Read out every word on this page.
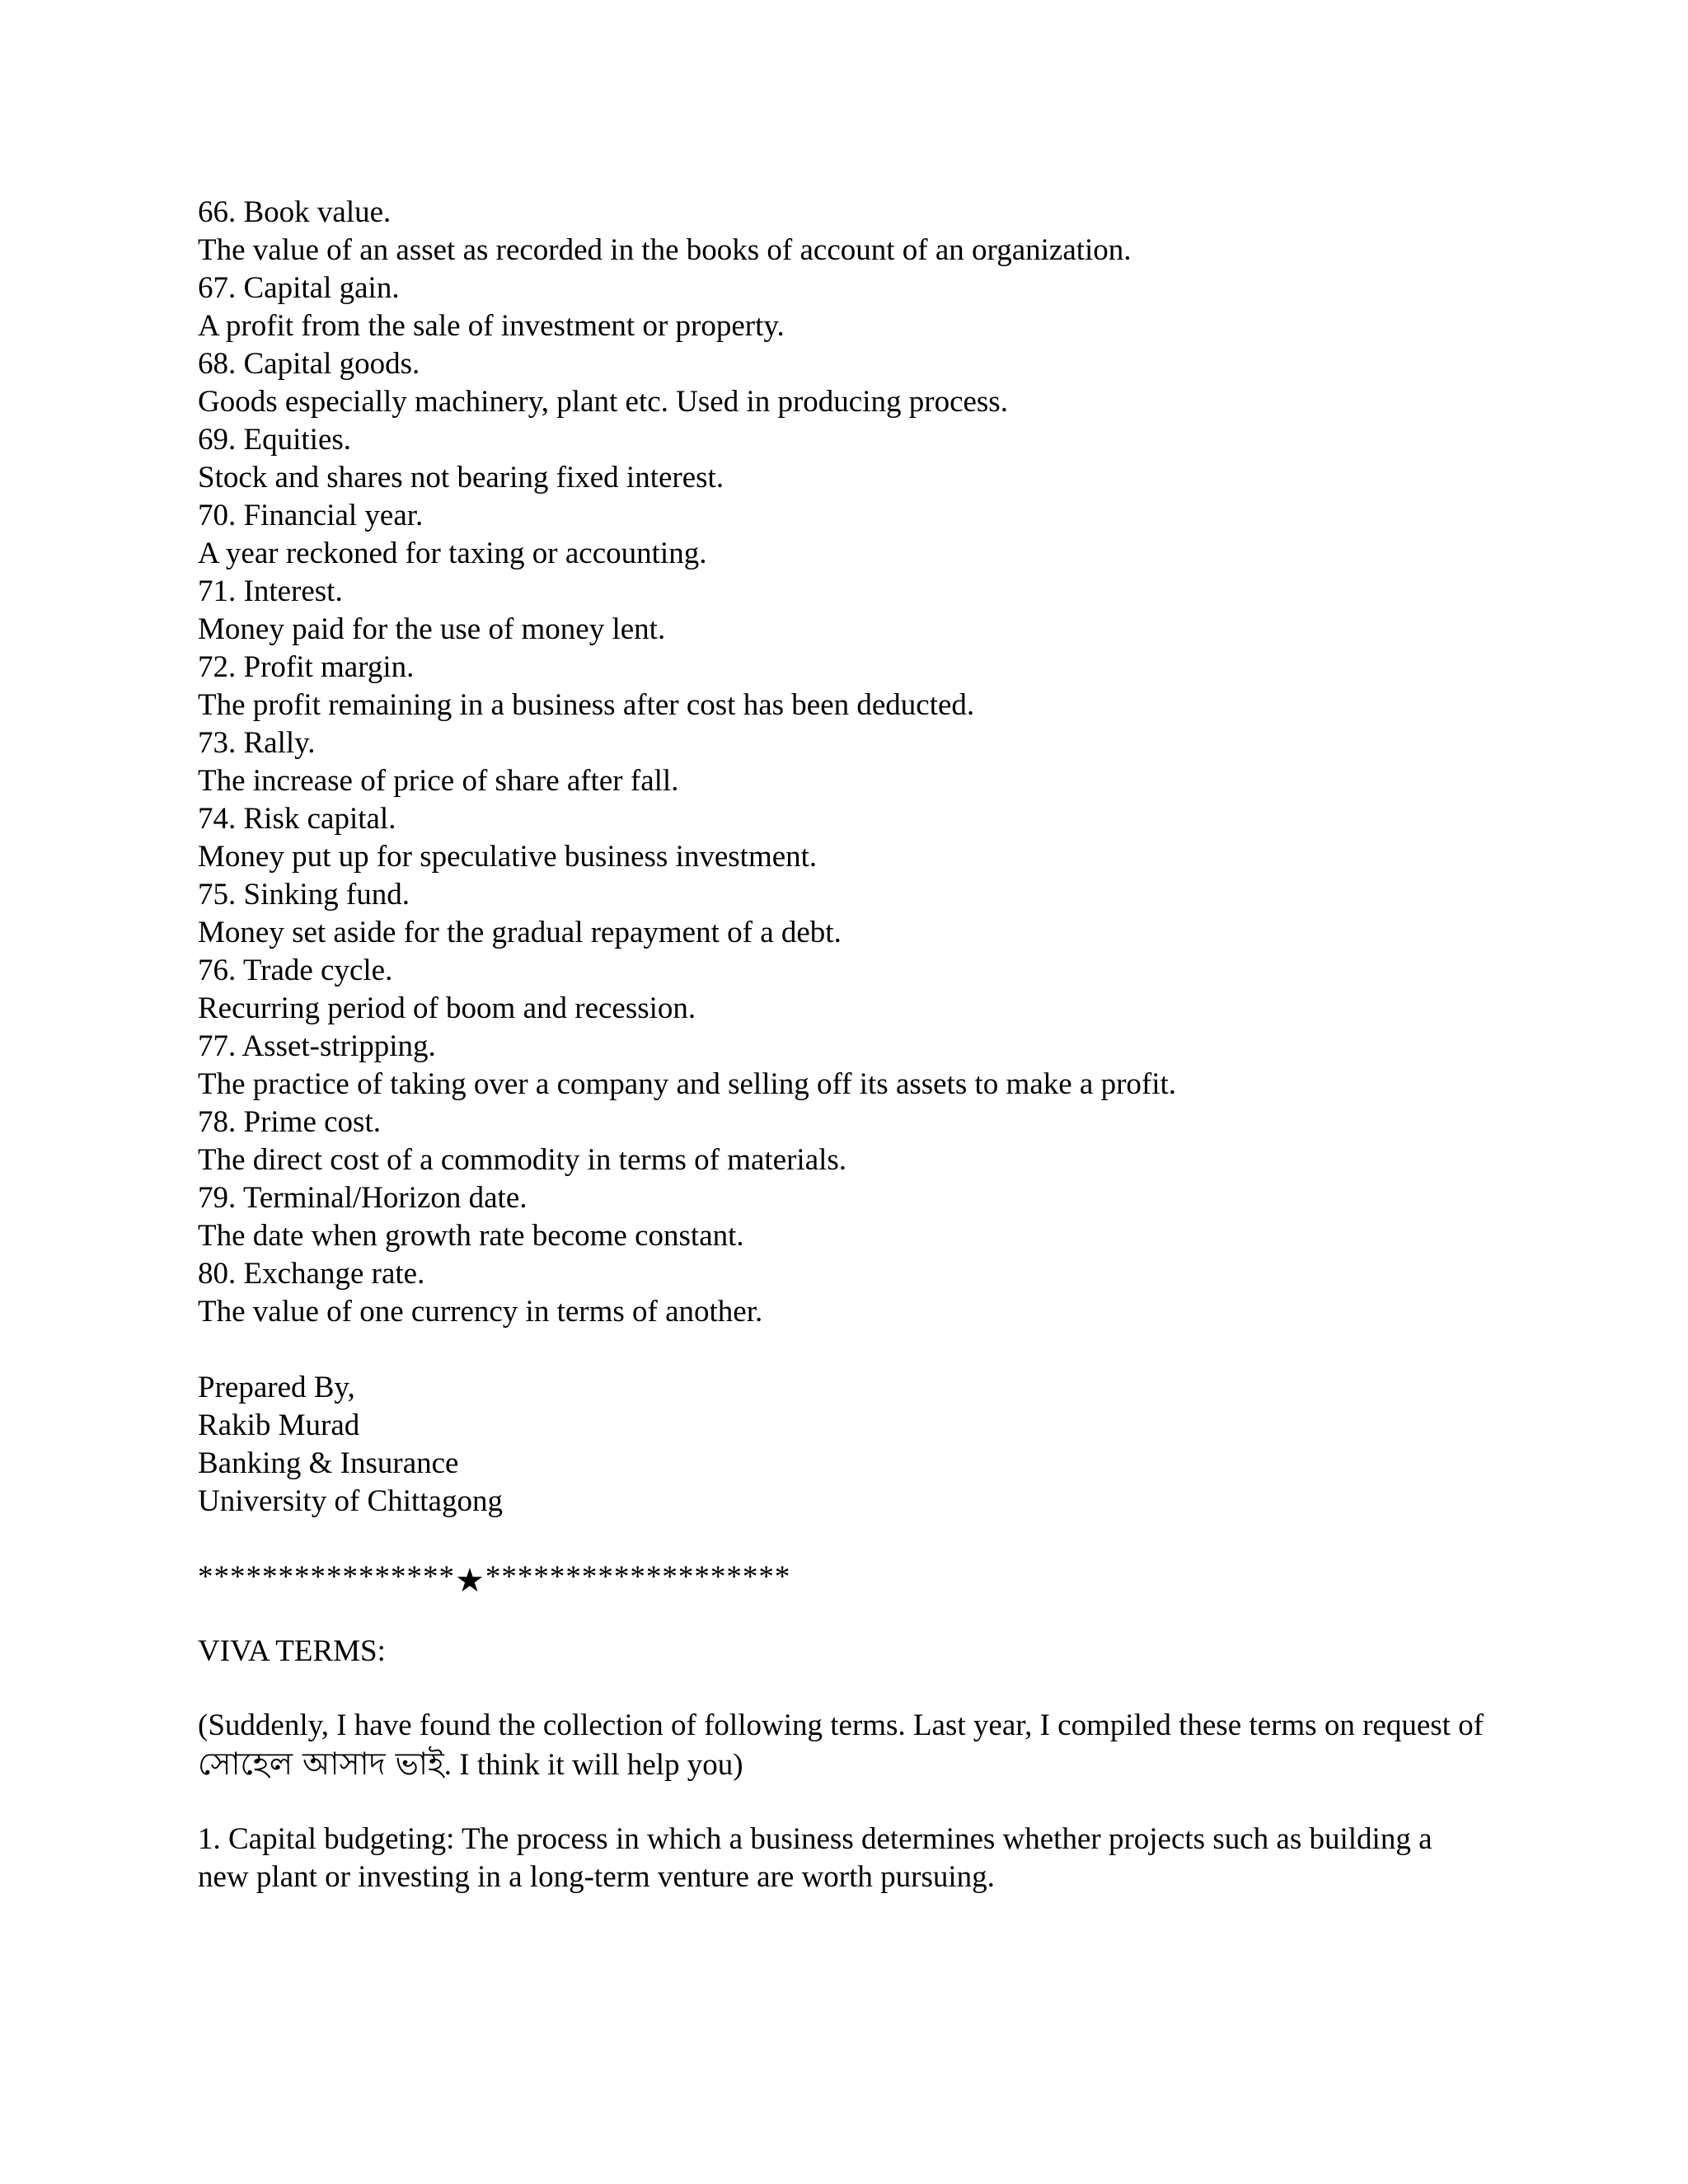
66. Book value.
The value of an asset as recorded in the books of account of an organization.
67. Capital gain.
A profit from the sale of investment or property.
68. Capital goods.
Goods especially machinery, plant etc. Used in producing process.
69. Equities.
Stock and shares not bearing fixed interest.
70. Financial year.
A year reckoned for taxing or accounting.
71. Interest.
Money paid for the use of money lent.
72. Profit margin.
The profit remaining in a business after cost has been deducted.
73. Rally.
The increase of price of share after fall.
74. Risk capital.
Money put up for speculative business investment.
75. Sinking fund.
Money set aside for the gradual repayment of a debt.
76. Trade cycle.
Recurring period of boom and recession.
77. Asset-stripping.
The practice of taking over a company and selling off its assets to make a profit.
78. Prime cost.
The direct cost of a commodity in terms of materials.
79. Terminal/Horizon date.
The date when growth rate become constant.
80. Exchange rate.
The value of one currency in terms of another.
Prepared By,
Rakib Murad
Banking & Insurance
University of Chittagong
****************★*******************
VIVA TERMS:
(Suddenly, I have found the collection of following terms. Last year, I compiled these terms on request of সোহেল আসাদ ভাই. I think it will help you)
1. Capital budgeting: The process in which a business determines whether projects such as building a new plant or investing in a long-term venture are worth pursuing.
